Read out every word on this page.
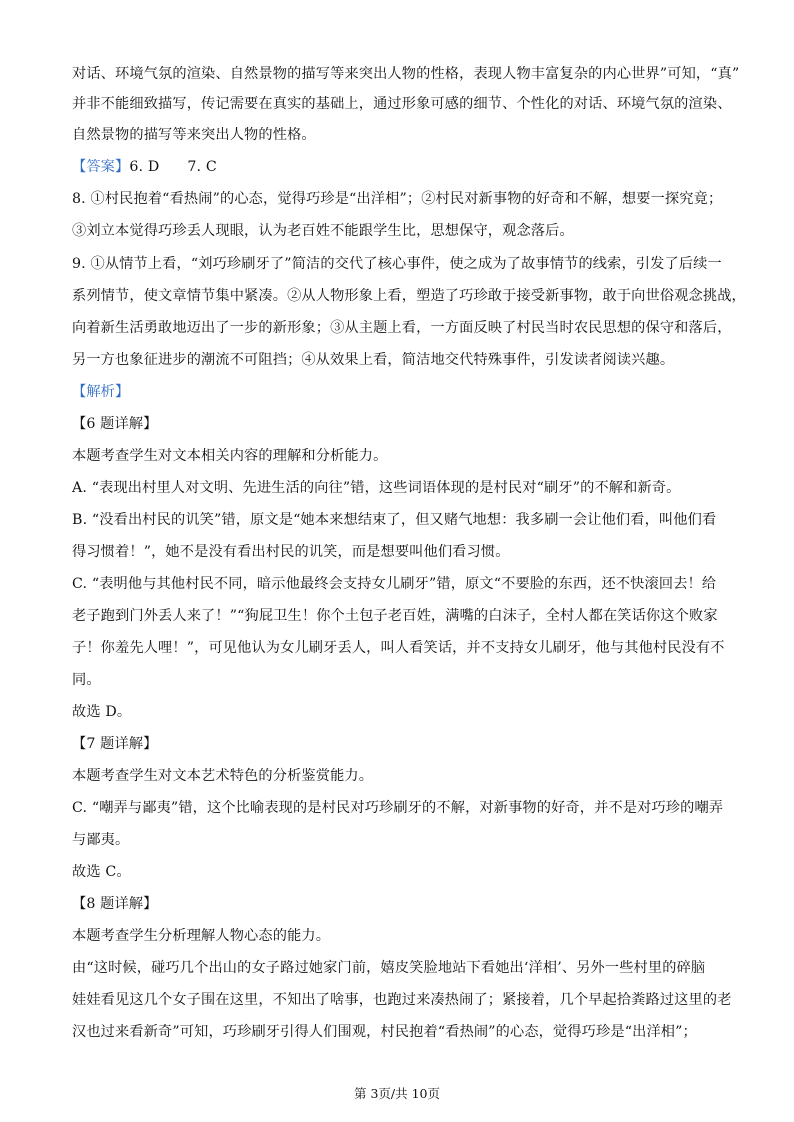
对话、环境气氛的渲染、自然景物的描写等来突出人物的性格，表现人物丰富复杂的内心世界”可知，“真”
并非不能细致描写，传记需要在真实的基础上，通过形象可感的细节、个性化的对话、环境气氛的渲染、
自然景物的描写等来突出人物的性格。
【答案】6. D      7. C
8. ①村民抱着“看热闹”的心态，觉得巧珍是“出洋相”；②村民对新事物的好奇和不解，想要一探究竟；
③刘立本觉得巧珍丢人现眼，认为老百姓不能跟学生比，思想保守，观念落后。
9. ①从情节上看，“刘巧珍刷牙了”简洁的交代了核心事件，使之成为了故事情节的线索，引发了后续一
系列情节，使文章情节集中紧凑。②从人物形象上看，塑造了巧珍敢于接受新事物，敢于向世俗观念挑战，
向着新生活勇敢地迈出了一步的新形象；③从主题上看，一方面反映了村民当时农民思想的保守和落后，
另一方也象征进步的潮流不可阻挡；④从效果上看，简洁地交代特殊事件，引发读者阅读兴趣。
【解析】
【6 题详解】
本题考查学生对文本相关内容的理解和分析能力。
A. “表现出村里人对文明、先进生活的向往”错，这些词语体现的是村民对“刷牙”的不解和新奇。
B. “没看出村民的讥笑”错，原文是“她本来想结束了，但又赌气地想：我多刷一会让他们看，叫他们看
得习惯着！”，她不是没有看出村民的讥笑，而是想要叫他们看习惯。
C. “表明他与其他村民不同，暗示他最终会支持女儿刷牙”错，原文“不要脸的东西，还不快滚回去！给
老子跑到门外丢人来了！”“狗屁卫生！你个土包子老百姓，满嘴的白沫子，全村人都在笑话你这个败家
子！你羞先人哩！”，可见他认为女儿刷牙丢人，叫人看笑话，并不支持女儿刷牙，他与其他村民没有不
同。
故选 D。
【7 题详解】
本题考查学生对文本艺术特色的分析鉴赏能力。
C. “嘲弄与鄙夷”错，这个比喻表现的是村民对巧珍刷牙的不解，对新事物的好奇，并不是对巧珍的嘲弄
与鄙夷。
故选 C。
【8 题详解】
本题考查学生分析理解人物心态的能力。
由“这时候，碰巧几个出山的女子路过她家门前，嬉皮笑脸地站下看她出‘洋相’、另外一些村里的碎脑
娃娃看见这几个女子围在这里，不知出了啥事，也跑过来凑热闹了；紧接着，几个早起拾粪路过这里的老
汉也过来看新奇”可知，巧珍刷牙引得人们围观，村民抱着“看热闹”的心态，觉得巧珍是“出洋相”；
第 3页/共 10页
